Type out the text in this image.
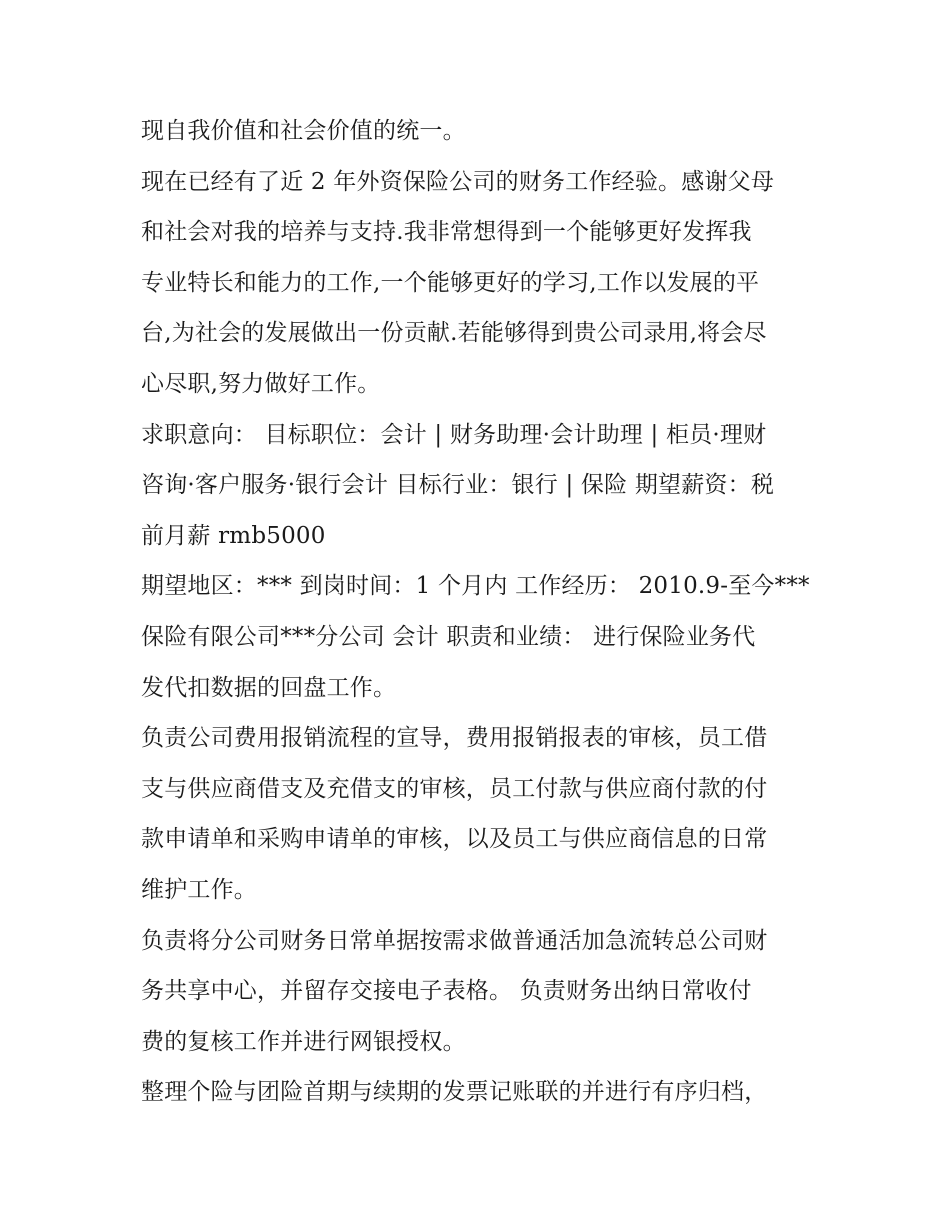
现自我价值和社会价值的统一。
现在已经有了近 2 年外资保险公司的财务工作经验。感谢父母
和社会对我的培养与支持.我非常想得到一个能够更好发挥我
专业特长和能力的工作,一个能够更好的学习,工作以发展的平
台,为社会的发展做出一份贡献.若能够得到贵公司录用,将会尽
心尽职,努力做好工作。
求职意向： 目标职位：会计 | 财务助理·会计助理 | 柜员·理财
咨询·客户服务·银行会计 目标行业：银行 | 保险 期望薪资：税
前月薪 rmb5000
期望地区：*** 到岗时间：1 个月内 工作经历： 2010.9-至今***
保险有限公司***分公司 会计 职责和业绩： 进行保险业务代
发代扣数据的回盘工作。
负责公司费用报销流程的宣导，费用报销报表的审核，员工借
支与供应商借支及充借支的审核，员工付款与供应商付款的付
款申请单和采购申请单的审核，以及员工与供应商信息的日常
维护工作。
负责将分公司财务日常单据按需求做普通活加急流转总公司财
务共享中心，并留存交接电子表格。 负责财务出纳日常收付
费的复核工作并进行网银授权。
整理个险与团险首期与续期的发票记账联的并进行有序归档，
